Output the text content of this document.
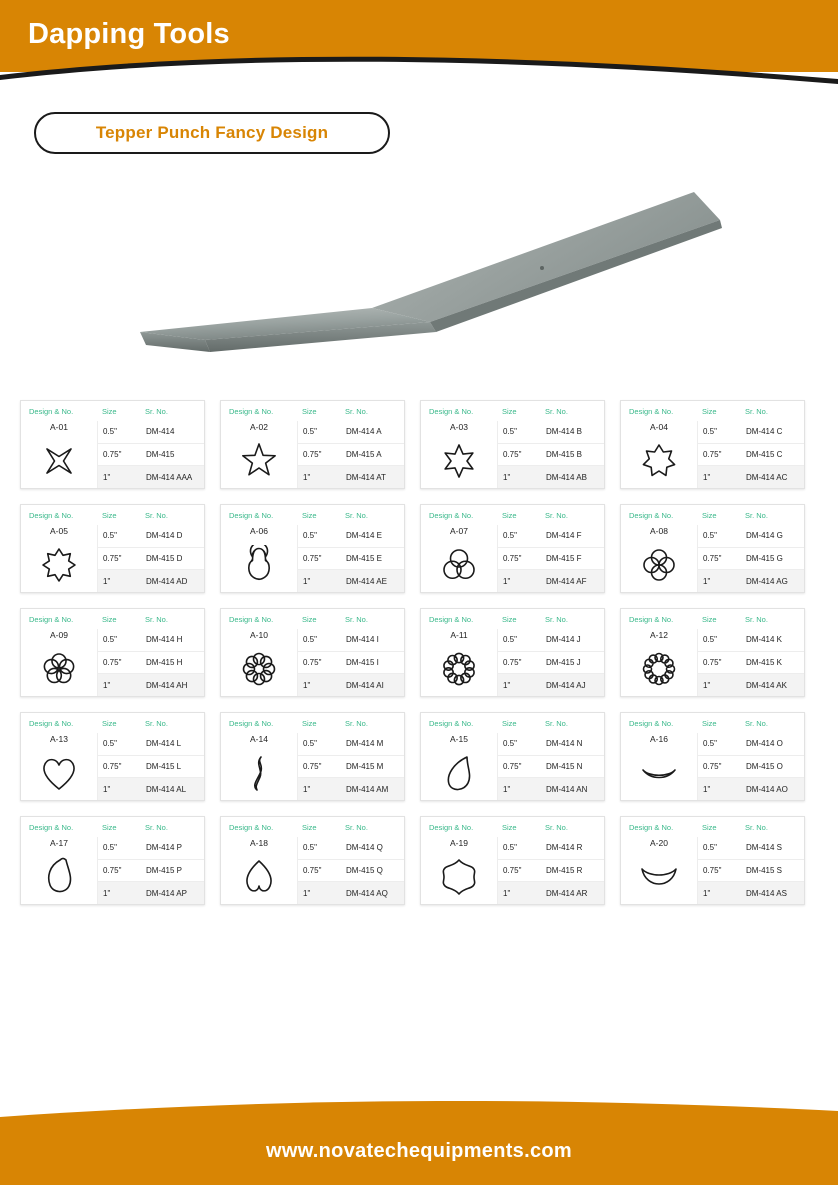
Dapping Tools
Tepper Punch Fancy Design
Design & No.	Size	Sr. No.
A-01	0.5"	DM-414
0.75"	DM-415
1"	DM-414 AAA
Design & No.	Size	Sr. No.
A-02	0.5"	DM-414 A
0.75"	DM-415 A
1"	DM-414 AT
Design & No.	Size	Sr. No.
A-03	0.5"	DM-414 B
0.75"	DM-415 B
1"	DM-414 AB
Design & No.	Size	Sr. No.
A-04	0.5"	DM-414 C
0.75"	DM-415 C
1"	DM-414 AC
Design & No.	Size	Sr. No.
A-05	0.5"	DM-414 D
0.75"	DM-415 D
1"	DM-414 AD
Design & No.	Size	Sr. No.
A-06	0.5"	DM-414 E
0.75"	DM-415 E
1"	DM-414 AE
Design & No.	Size	Sr. No.
A-07	0.5"	DM-414 F
0.75"	DM-415 F
1"	DM-414 AF
Design & No.	Size	Sr. No.
A-08	0.5"	DM-414 G
0.75"	DM-415 G
1"	DM-414 AG
Design & No.	Size	Sr. No.
A-09	0.5"	DM-414 H
0.75"	DM-415 H
1"	DM-414 AH
Design & No.	Size	Sr. No.
A-10	0.5"	DM-414 I
0.75"	DM-415 I
1"	DM-414 AI
Design & No.	Size	Sr. No.
A-11	0.5"	DM-414 J
0.75"	DM-415 J
1"	DM-414 AJ
Design & No.	Size	Sr. No.
A-12	0.5"	DM-414 K
0.75"	DM-415 K
1"	DM-414 AK
Design & No.	Size	Sr. No.
A-13	0.5"	DM-414 L
0.75"	DM-415 L
1"	DM-414 AL
Design & No.	Size	Sr. No.
A-14	0.5"	DM-414 M
0.75"	DM-415 M
1"	DM-414 AM
Design & No.	Size	Sr. No.
A-15	0.5"	DM-414 N
0.75"	DM-415 N
1"	DM-414 AN
Design & No.	Size	Sr. No.
A-16	0.5"	DM-414 O
0.75"	DM-415 O
1"	DM-414 AO
Design & No.	Size	Sr. No.
A-17	0.5"	DM-414 P
0.75"	DM-415 P
1"	DM-414 AP
Design & No.	Size	Sr. No.
A-18	0.5"	DM-414 Q
0.75"	DM-415 Q
1"	DM-414 AQ
Design & No.	Size	Sr. No.
A-19	0.5"	DM-414 R
0.75"	DM-415 R
1"	DM-414 AR
Design & No.	Size	Sr. No.
A-20	0.5"	DM-414 S
0.75"	DM-415 S
1"	DM-414 AS
www.novatechequipments.com
